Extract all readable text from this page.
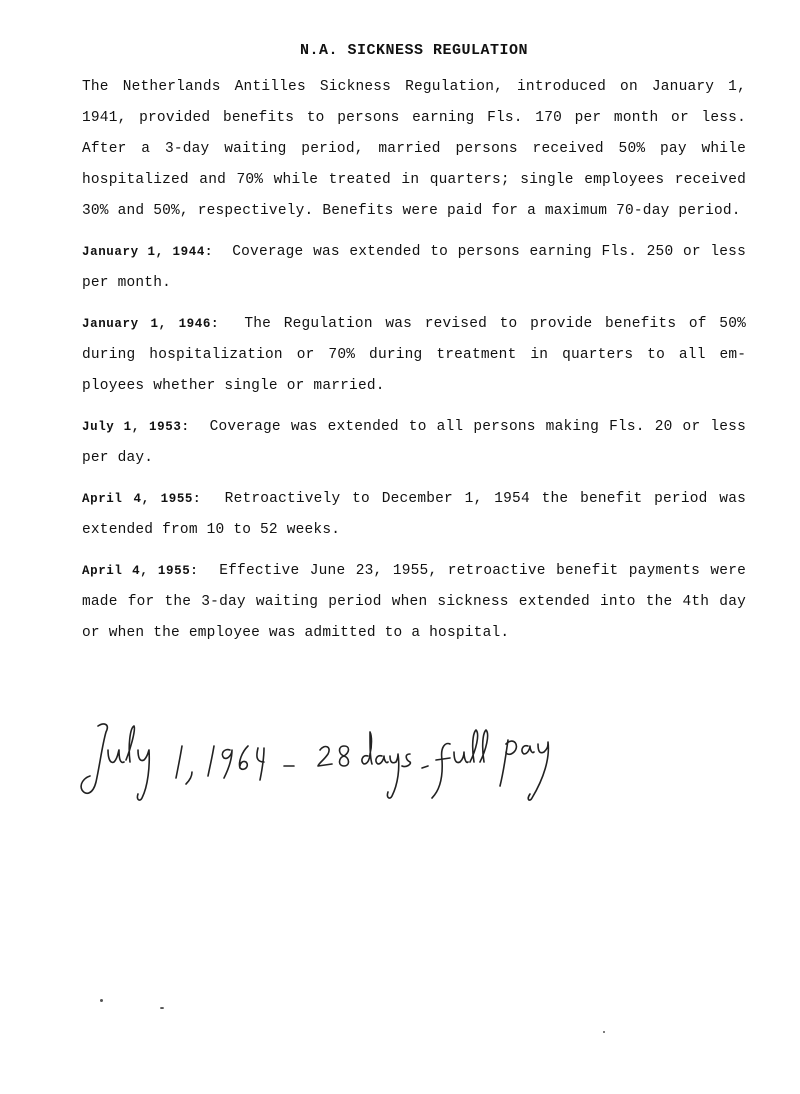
N.A. SICKNESS REGULATION

The Netherlands Antilles Sickness Regulation, introduced on January 1, 1941, provided benefits to persons earning Fls. 170 per month or less. After a 3-day waiting period, married persons received 50% pay while hospitalized and 70% while treated in quarters; single employees received 30% and 50%, respectively. Benefits were paid for a maximum 70-day period.

January 1, 1944: Coverage was extended to persons earning Fls. 250 or less per month.

January 1, 1946: The Regulation was revised to provide benefits of 50% during hospitalization or 70% during treatment in quarters to all employees whether single or married.

July 1, 1953: Coverage was extended to all persons making Fls. 20 or less per day.

April 4, 1955: Retroactively to December 1, 1954 the benefit period was extended from 10 to 52 weeks.

April 4, 1955: Effective June 23, 1955, retroactive benefit payments were made for the 3-day waiting period when sickness extended into the 4th day or when the employee was admitted to a hospital.
